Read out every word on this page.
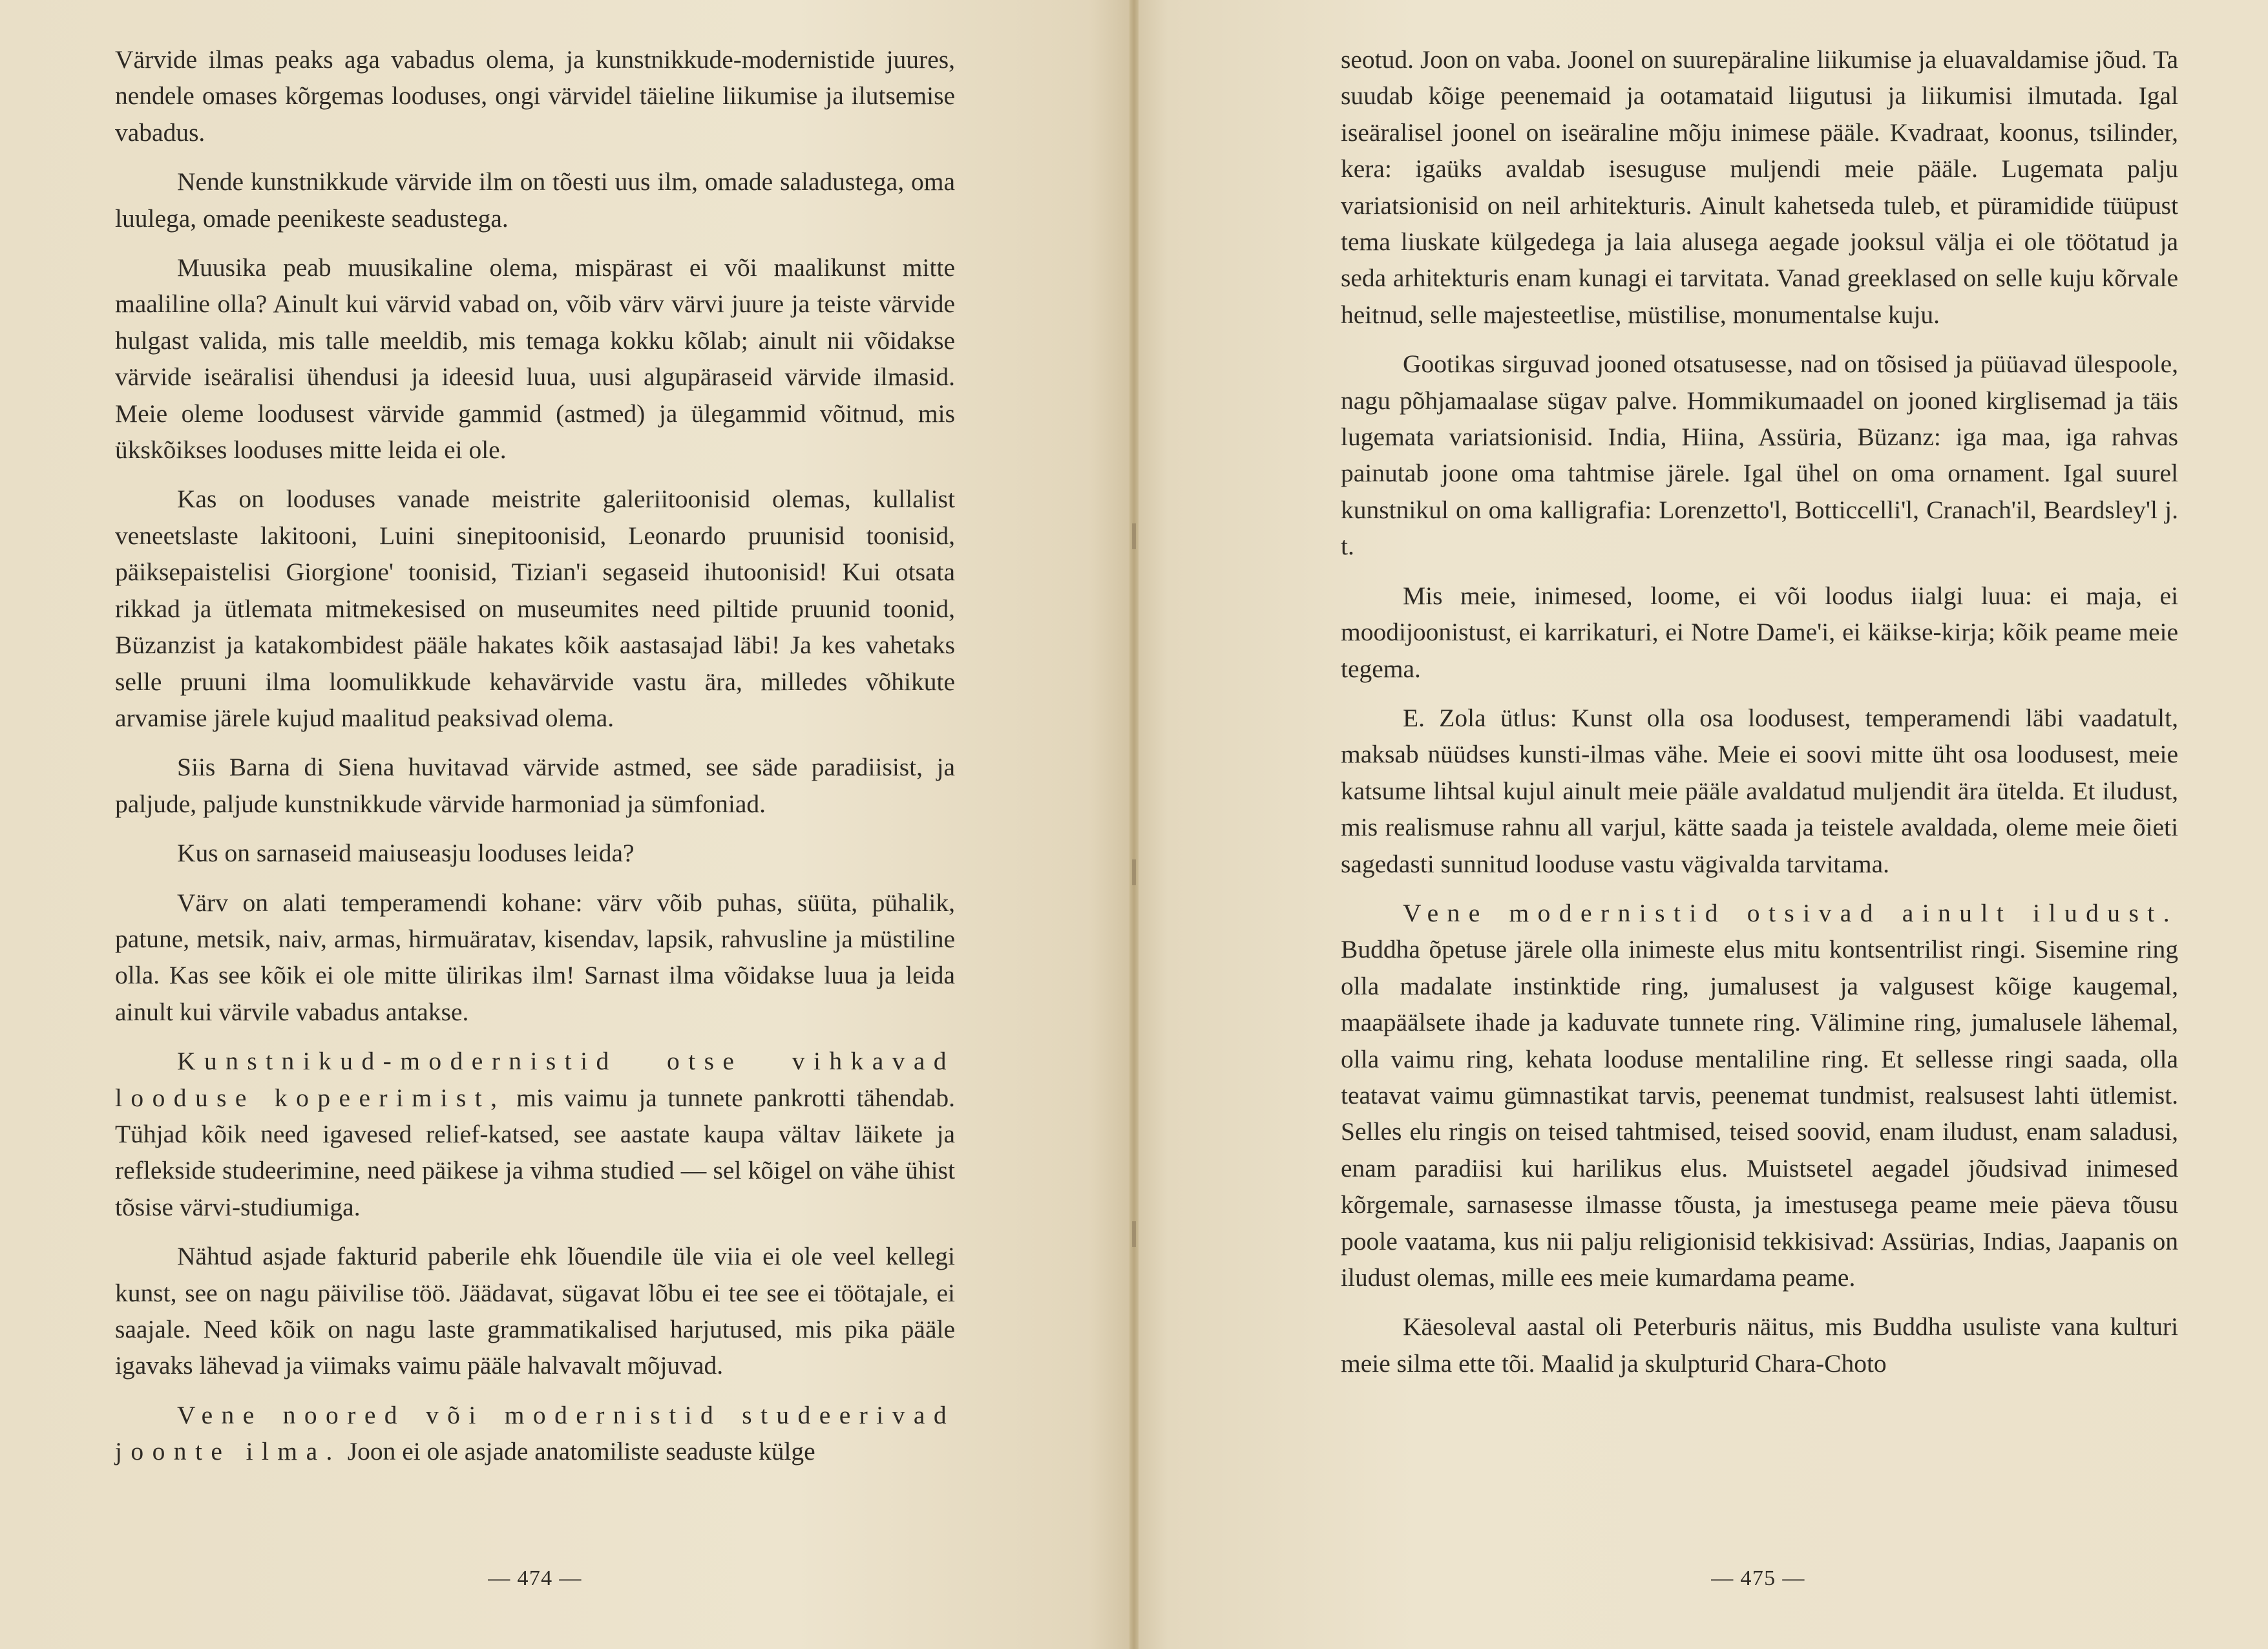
Värvide ilmas peaks aga vabadus olema, ja kunstnikkude-modernistide juures, nendele omases kõrgemas looduses, ongi värvidel täieline liikumise ja ilutsemise vabadus.

Nende kunstnikkude värvide ilm on tõesti uus ilm, omade saladustega, oma luulega, omade peenikeste seadustega.

Muusika peab muusikaline olema, mispärast ei või maalikunst mitte maaliline olla? Ainult kui värvid vabad on, võib värv värvi juure ja teiste värvide hulgast valida, mis talle meeldib, mis temaga kokku kõlab; ainult nii võidakse värvide iseäralisi ühendusi ja ideesid luua, uusi algupäraseid värvide ilmasid. Meie oleme loodusest värvide gammid (astmed) ja ülegammid võitnud, mis ükskõikses looduses mitte leida ei ole.

Kas on looduses vanade meistrite galeriitoonisid olemas, kullalist veneetslaste lakitooni, Luini sinepitoonisid, Leonardo pruunisid toonisid, päiksepaistelisi Giorgione' toonisid, Tizian'i segaseid ihutoonisid! Kui otsata rikkad ja ütlemata mitmekesised on museumites need piltide pruunid toonid, Büzanzist ja katakombidest pääle hakates kõik aastasajad läbi! Ja kes vahetaks selle pruuni ilma loomulikkude kehavärvide vastu ära, milledes võhikute arvamise järele kujud maalitud peaksivad olema.

Siis Barna di Siena huvitavad värvide astmed, see säde paradiisist, ja paljude, paljude kunstnikkude värvide harmoniad ja sümfoniad.

Kus on sarnaseid maiuseasju looduses leida?

Värv on alati temperamendi kohane: värv võib puhas, süüta, pühalik, patune, metsik, naiv, armas, hirmuäratav, kisendav, lapsik, rahvusline ja müstiline olla. Kas see kõik ei ole mitte ülirikas ilm! Sarnast ilma võidakse luua ja leida ainult kui värvile vabadus antakse.

Kunstnikud-modernistid otse vihkavad looduse kopeerimist, mis vaimu ja tunnete pankrotti tähendab. Tühjad kõik need igavesed relief-katsed, see aastate kaupa vältav läikete ja reflekside studeerimine, need päikese ja vihma studied — sel kõigel on vähe ühist tõsise värvi-studiumiga.

Nähtud asjade fakturid paberile ehk lõuendile üle viia ei ole veel kellegi kunst, see on nagu päivilise töö. Jäädavat, sügavat lõbu ei tee see ei töötajale, ei saajale. Need kõik on nagu laste grammatikalised harjutused, mis pika pääle igavaks lähevad ja viimaks vaimu pääle halvavalt mõjuvad.

Vene noored või modernistid studeerivad joonte ilma. Joon ei ole asjade anatomiliste seaduste külge

— 474 —

seotud. Joon on vaba. Joonel on suurepäraline liikumise ja eluavaldamise jõud. Ta suudab kõige peenemaid ja ootamataid liigutusi ja liikumisi ilmutada. Igal iseäralisel joonel on iseäraline mõju inimese pääle. Kvadraat, koonus, tsilinder, kera: igaüks avaldab isesuguse muljendi meie pääle. Lugemata palju variatsionisid on neil arhitekturis. Ainult kahetseda tuleb, et püramidide tüüpust tema liuskate külgedega ja laia alusega aegade jooksul välja ei ole töötatud ja seda arhitekturis enam kunagi ei tarvitata. Vanad greeklased on selle kuju kõrvale heitnud, selle majesteetlise, müstilise, monumentalse kuju.

Gootikas sirguvad jooned otsatusesse, nad on tõsised ja püüavad ülespoole, nagu põhjamaalase sügav palve. Hommikumaadel on jooned kirglisemad ja täis lugemata variatsionisid. India, Hiina, Assüria, Büzanz: iga maa, iga rahvas painutab joone oma tahtmise järele. Igal ühel on oma ornament. Igal suurel kunstnikul on oma kalligrafia: Lorenzetto'l, Botticcelli'l, Cranach'il, Beardsley'l j. t.

Mis meie, inimesed, loome, ei või loodus iialgi luua: ei maja, ei moodijoonistust, ei karrikaturi, ei Notre Dame'i, ei käikse-kirja; kõik peame meie tegema.

E. Zola ütlus: Kunst olla osa loodusest, temperamendi läbi vaadatult, maksab nüüdses kunsti-ilmas vähe. Meie ei soovi mitte üht osa loodusest, meie katsume lihtsal kujul ainult meie pääle avaldatud muljendit ära ütelda. Et iludust, mis realismuse rahnu all varjul, kätte saada ja teistele avaldada, oleme meie õieti sagedasti sunnitud looduse vastu vägivalda tarvitama.

Vene modernistid otsivad ainult iludust. Buddha õpetuse järele olla inimeste elus mitu kontsentrilist ringi. Sisemine ring olla madalate instinktide ring, jumalusest ja valgusest kõige kaugemal, maapäälsete ihade ja kaduvate tunnete ring. Välimine ring, jumalusele lähemal, olla vaimu ring, kehata looduse mentaliline ring. Et sellesse ringi saada, olla teatavat vaimu gümnastikat tarvis, peenemat tundmist, realsusest lahti ütlemist. Selles elu ringis on teised tahtmised, teised soovid, enam iludust, enam saladusi, enam paradiisi kui harilikus elus. Muistsetel aegadel jõudsivad inimesed kõrgemale, sarnasesse ilmasse tõusta, ja imestusega peame meie päeva tõusu poole vaatama, kus nii palju religionisid tekkisivad: Assürias, Indias, Jaapanis on iludust olemas, mille ees meie kumardama peame.

Käesoleval aastal oli Peterburis näitus, mis Buddha usuliste vana kulturi meie silma ette tõi. Maalid ja skulpturid Chara-Choto

— 475 —
